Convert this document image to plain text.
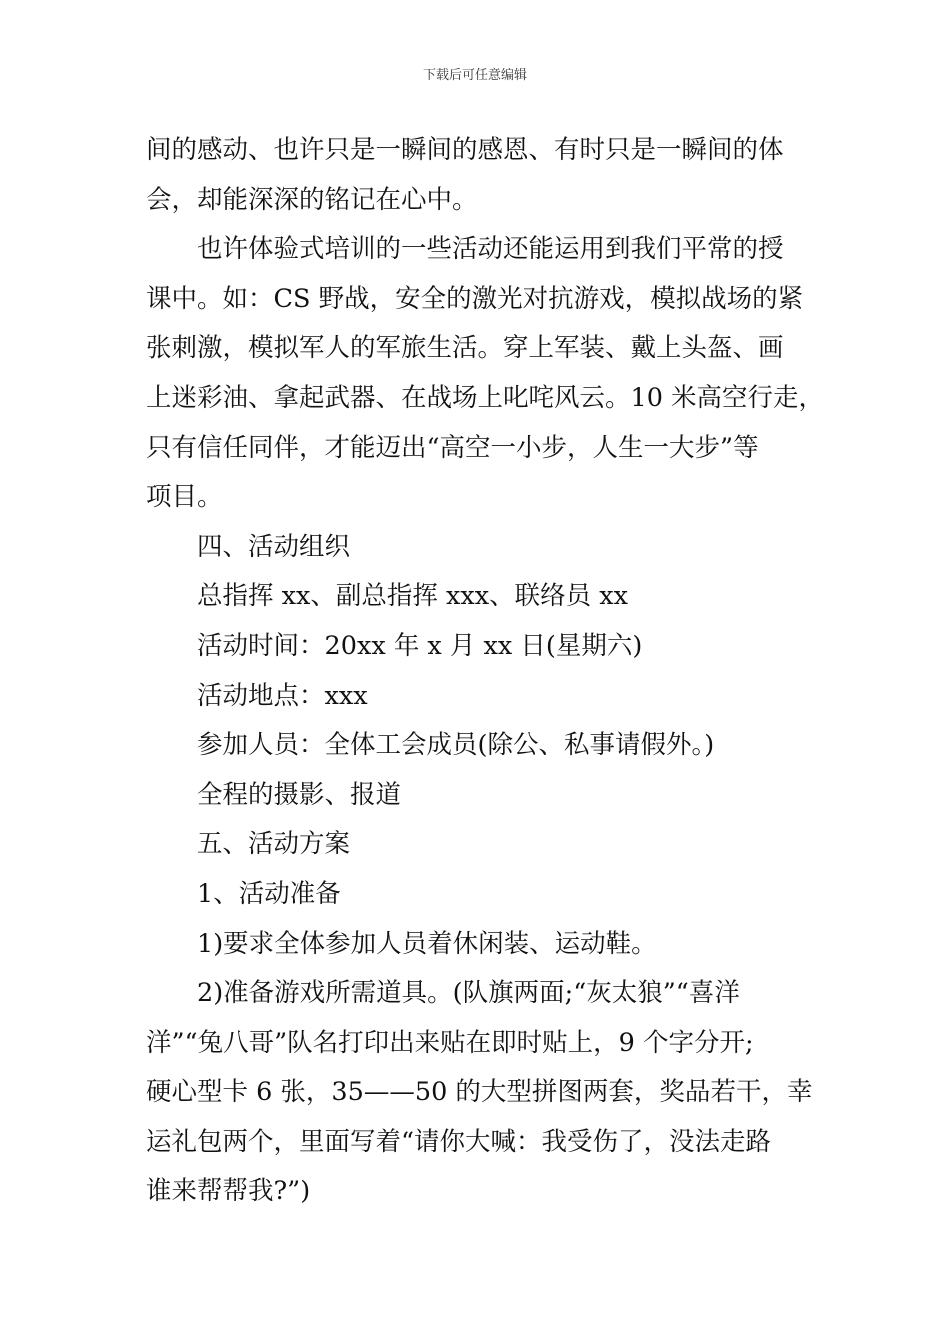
下载后可任意编辑
间的感动、也许只是一瞬间的感恩、有时只是一瞬间的体
会，却能深深的铭记在心中。
也许体验式培训的一些活动还能运用到我们平常的授
课中。如：CS 野战，安全的激光对抗游戏，模拟战场的紧
张刺激，模拟军人的军旅生活。穿上军装、戴上头盔、画
上迷彩油、拿起武器、在战场上叱咤风云。10 米高空行走，
只有信任同伴，才能迈出“高空一小步，人生一大步”等
项目。
四、活动组织
总指挥 xx、副总指挥 xxx、联络员 xx
活动时间：20xx 年 x 月 xx 日(星期六)
活动地点：xxx
参加人员：全体工会成员(除公、私事请假外。)
全程的摄影、报道
五、活动方案
1、活动准备
1)要求全体参加人员着休闲装、运动鞋。
2)准备游戏所需道具。(队旗两面;“灰太狼”“喜洋
洋”“兔八哥”队名打印出来贴在即时贴上，9 个字分开;
硬心型卡 6 张，35——50 的大型拼图两套，奖品若干，幸
运礼包两个，里面写着“请你大喊：我受伤了，没法走路
谁来帮帮我?”)
